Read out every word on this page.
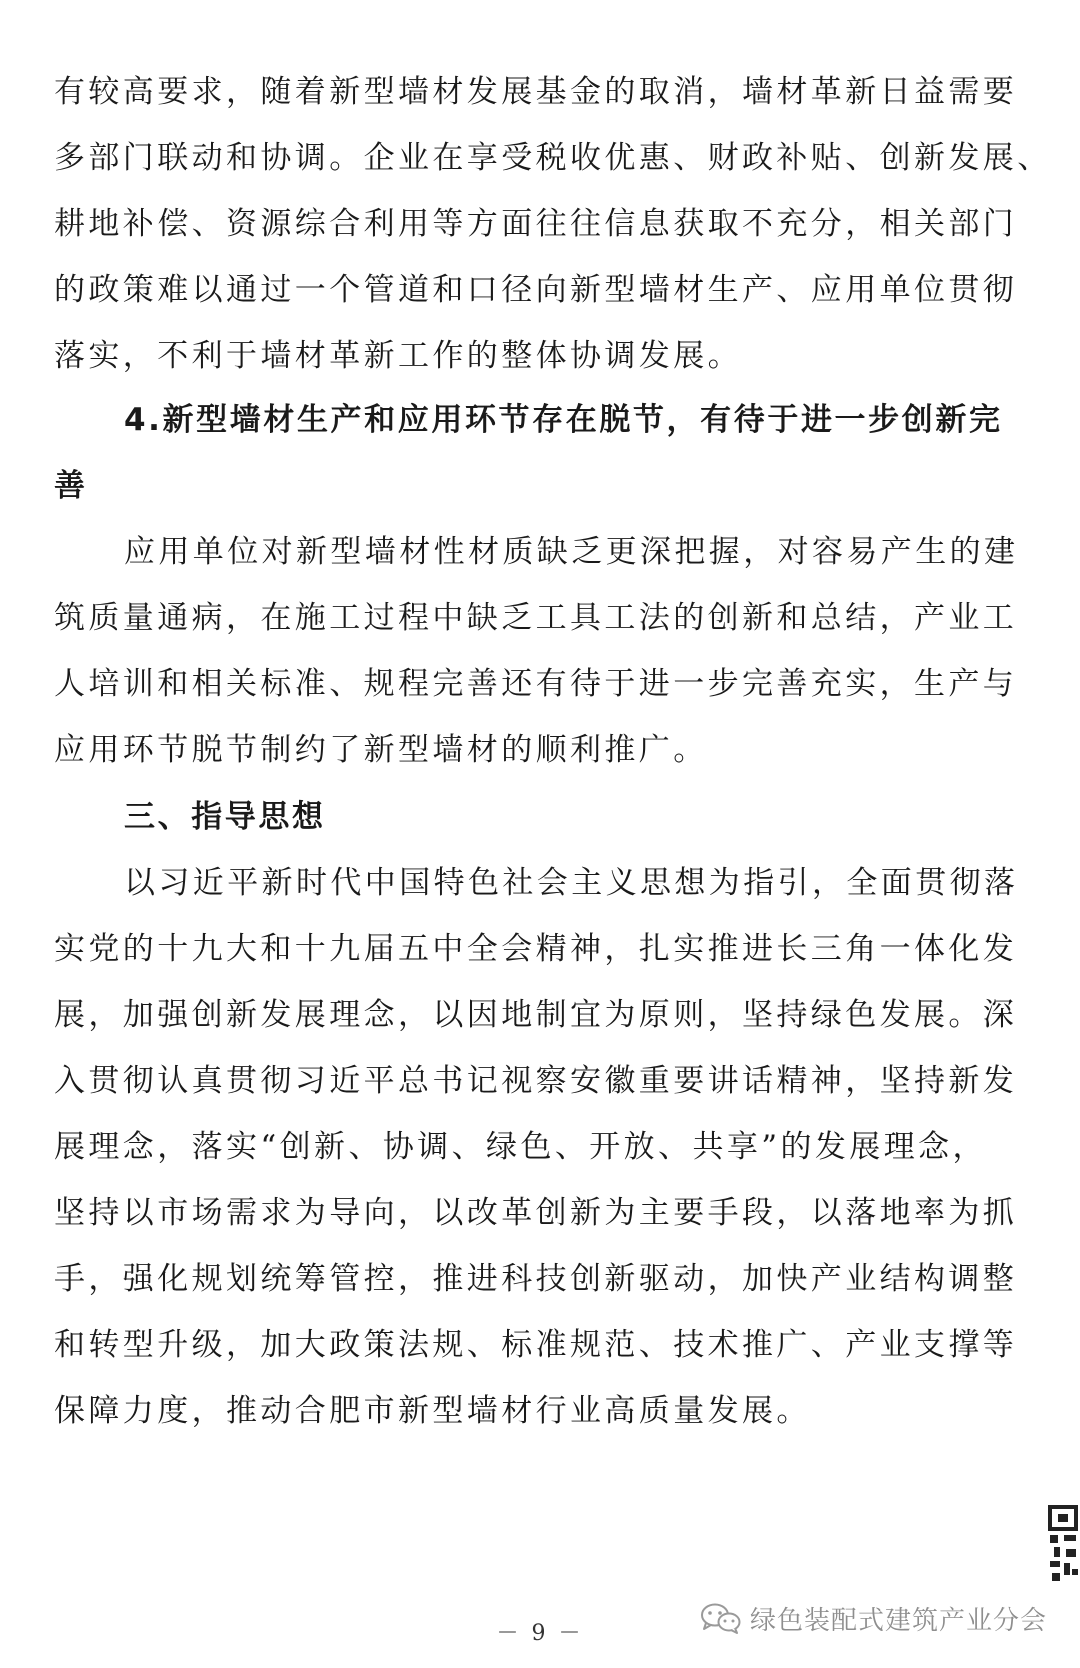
有较高要求，随着新型墙材发展基金的取消，墙材革新日益需要
多部门联动和协调。企业在享受税收优惠、财政补贴、创新发展、
耕地补偿、资源综合利用等方面往往信息获取不充分，相关部门
的政策难以通过一个管道和口径向新型墙材生产、应用单位贯彻
落实，不利于墙材革新工作的整体协调发展。
4.新型墙材生产和应用环节存在脱节，有待于进一步创新完
善
应用单位对新型墙材性材质缺乏更深把握，对容易产生的建
筑质量通病，在施工过程中缺乏工具工法的创新和总结，产业工
人培训和相关标准、规程完善还有待于进一步完善充实，生产与
应用环节脱节制约了新型墙材的顺利推广。
三、指导思想
以习近平新时代中国特色社会主义思想为指引，全面贯彻落
实党的十九大和十九届五中全会精神，扎实推进长三角一体化发
展，加强创新发展理念，以因地制宜为原则，坚持绿色发展。深
入贯彻认真贯彻习近平总书记视察安徽重要讲话精神，坚持新发
展理念，落实“创新、协调、绿色、开放、共享”的发展理念，
坚持以市场需求为导向，以改革创新为主要手段，以落地率为抓
手，强化规划统筹管控，推进科技创新驱动，加快产业结构调整
和转型升级，加大政策法规、标准规范、技术推广、产业支撑等
保障力度，推动合肥市新型墙材行业高质量发展。
－ 9 －	绿色装配式建筑产业分会
